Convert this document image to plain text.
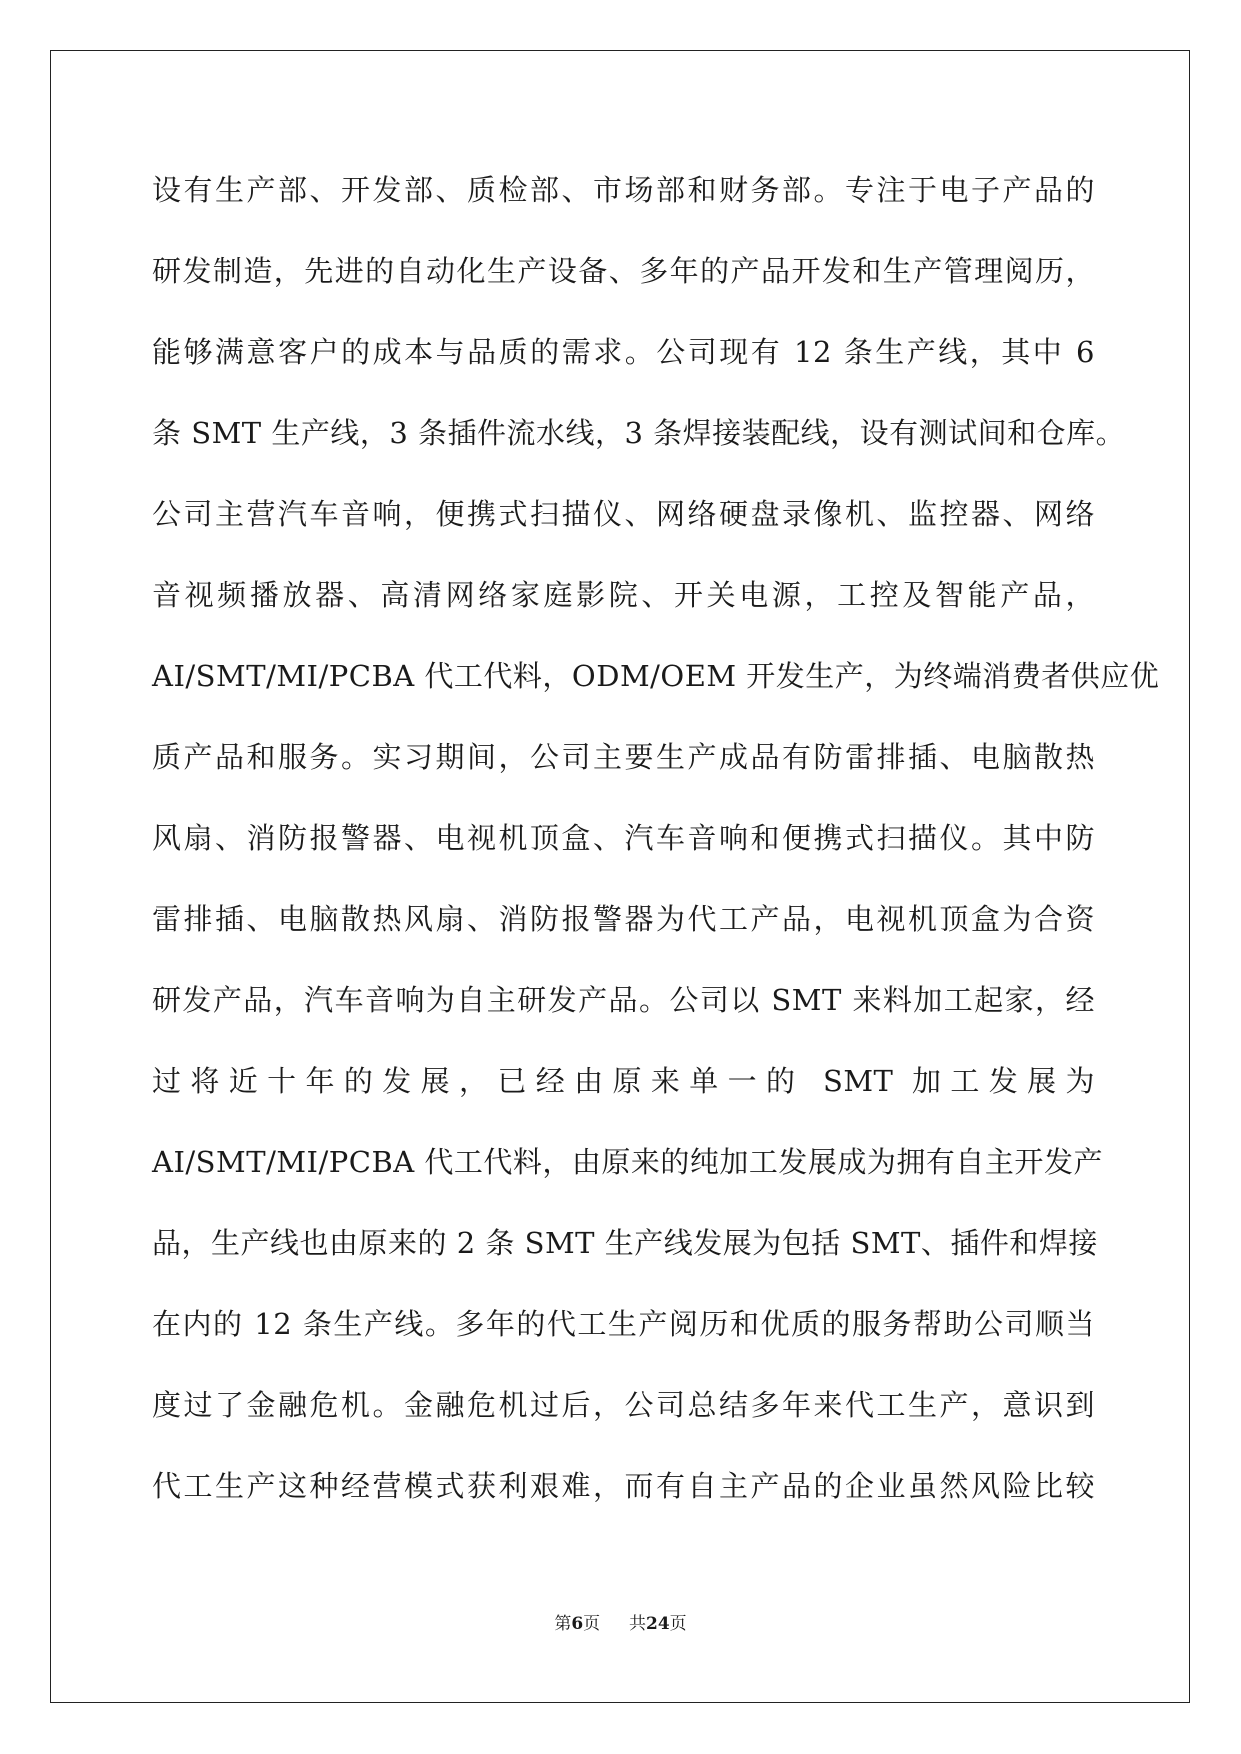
设有生产部、开发部、质检部、市场部和财务部。专注于电子产品的

研发制造，先进的自动化生产设备、多年的产品开发和生产管理阅历，

能够满意客户的成本与品质的需求。公司现有 12 条生产线，其中 6

条 SMT 生产线，3 条插件流水线，3 条焊接装配线，设有测试间和仓库。

公司主营汽车音响，便携式扫描仪、网络硬盘录像机、监控器、网络

音视频播放器、高清网络家庭影院、开关电源，工控及智能产品，

AI/SMT/MI/PCBA 代工代料，ODM/OEM 开发生产，为终端消费者供应优

质产品和服务。实习期间，公司主要生产成品有防雷排插、电脑散热

风扇、消防报警器、电视机顶盒、汽车音响和便携式扫描仪。其中防

雷排插、电脑散热风扇、消防报警器为代工产品，电视机顶盒为合资

研发产品，汽车音响为自主研发产品。公司以 SMT 来料加工起家，经

过将近十年的发展，已经由原来单一的 SMT 加工发展为

AI/SMT/MI/PCBA 代工代料，由原来的纯加工发展成为拥有自主开发产

品，生产线也由原来的 2 条 SMT 生产线发展为包括 SMT、插件和焊接

在内的 12 条生产线。多年的代工生产阅历和优质的服务帮助公司顺当

度过了金融危机。金融危机过后，公司总结多年来代工生产，意识到

代工生产这种经营模式获利艰难，而有自主产品的企业虽然风险比较

第6页 共24页
